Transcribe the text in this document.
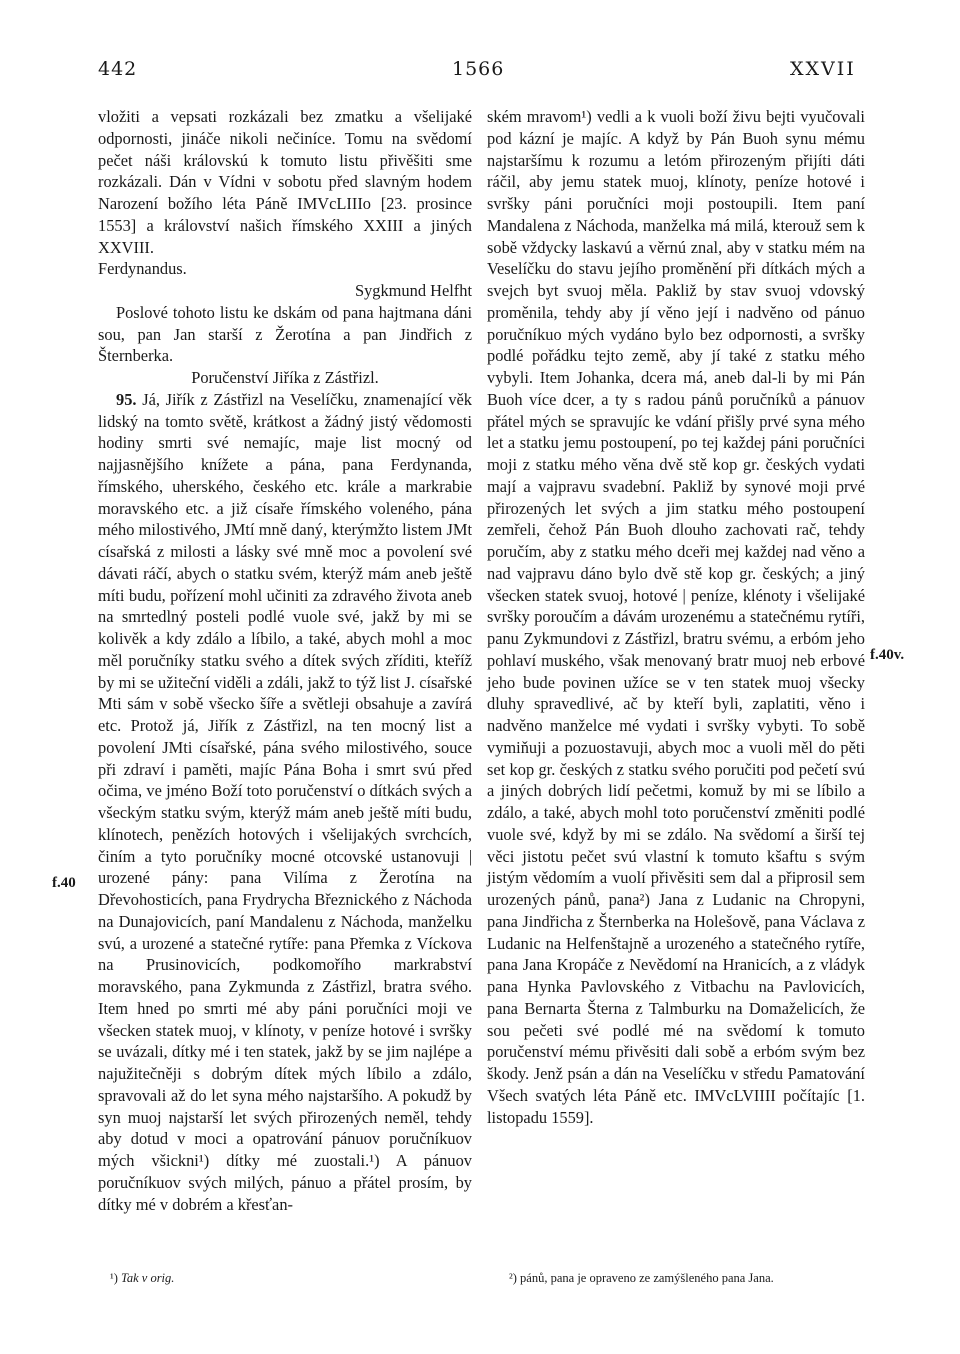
442	1566	XXVII

vložiti a vepsati rozkázali bez zmatku a všelijaké odpornosti, jináče nikoli nečiníce. Tomu na svědomí pečet náši královskú k tomuto listu přivěšiti sme rozkázali. Dán v Vídni v sobotu před slavným hodem Narození božího léta Páně IMVcLIIIo [23. prosince 1553] a království našich římského XXIII a jiných XXVIII.

Ferdynandus.

Sygkmund Helfht

Poslové tohoto listu ke dskám od pana hajtmana dáni sou, pan Jan starší z Žerotína a pan Jindřich z Šternberka.

Poručenství Jiříka z Zástřizl.

95. Já, Jiřík z Zástřizl na Veselíčku, znamenající věk lidský na tomto světě, krátkost a žádný jistý vědomosti hodiny smrti své nemajíc, maje list mocný od najjasnějšího knížete a pána, pana Ferdynanda, římského, uherského, českého etc. krále a markrabie moravského etc. a již císaře římského voleného, pána mého milostivého, JMtí mně daný, kterýmžto listem JMt císařská z milosti a lásky své mně moc a povolení své dávati ráčí, abych o statku svém, kterýž mám aneb ještě míti budu, pořízení mohl učiniti za zdravého života aneb na smrtedlný posteli podlé vuole své, jakž by mi se kolivěk a kdy zdálo a líbilo, a také, abych mohl a moc měl poručníky statku svého a dítek svých zříditi, kteříž by mi se užiteční viděli a zdáli, jakž to týž list J. císařské Mti sám v sobě všecko šíře a světleji obsahuje a zavírá etc. Protož já, Jiřík z Zástřizl, na ten mocný list a povolení JMti císařské, pána svého milostivého, souce při zdraví i paměti, majíc Pána Boha i smrt svú před očima, ve jméno Boží toto poručenství o dítkách svých a všeckým statku svým, kterýž mám aneb ještě míti budu, klínotech, penězích hotových i všelijakých svrchcích, činím a tyto poručníky mocné otcovské ustanovuji | urozené pány: pana Vilíma z Žerotína na Dřevohosticích, pana Frydrycha Březnického z Náchoda na Dunajovicích, paní Mandalenu z Náchoda, manželku svú, a urozené a statečné rytíře: pana Přemka z Víckova na Prusinovicích, podkomořího markrabství moravského, pana Zykmunda z Zástřizl, bratra svého. Item hned po smrti mé aby páni poručníci moji ve všecken statek muoj, v klínoty, v peníze hotové i svršky se uvázali, dítky mé i ten statek, jakž by se jim najlépe a najužitečněji s dobrým dítek mých líbilo a zdálo, spravovali až do let syna mého najstaršího. A pokudž by syn muoj najstarší let svých přirozených neměl, tehdy aby dotud v moci a opatrování pánuov poručníkuov mých všickni¹) dítky mé zuostali.¹) A pánuov poručníkuov svých milých, pánuo a přátel prosím, by dítky mé v dobrém a křesťan-

ském mravom¹) vedli a k vuoli boží živu bejti vyučovali pod kázní je majíc. A když by Pán Buoh synu mému najstaršímu k rozumu a letóm přirozeným přijíti dáti ráčil, aby jemu statek muoj, klínoty, peníze hotové i svršky páni poručníci moji postoupili. Item paní Mandalena z Náchoda, manželka má milá, kterouž sem k sobě vždycky laskavú a věrnú znal, aby v statku mém na Veselíčku do stavu jejího proměnění při dítkách mých a svejch byt svuoj měla. Pakliž by stav svuoj vdovský proměnila, tehdy aby jí věno její i nadvěno od pánuo poručníkuo mých vydáno bylo bez odpornosti, a svršky podlé pořádku tejto země, aby jí také z statku mého vybyli. Item Johanka, dcera má, aneb dal-li by mi Pán Buoh více dcer, a ty s radou pánů poručníků a pánuov přátel mých se spravujíc ke vdání přišly prvé syna mého let a statku jemu postoupení, po tej každej páni poručníci moji z statku mého věna dvě stě kop gr. českých vydati mají a vajpravu svadební. Pakliž by synové moji prvé přirozených let svých a jim statku mého postoupení zemřeli, čehož Pán Buoh dlouho zachovati rač, tehdy poručím, aby z statku mého dceři mej každej nad věno a nad vajpravu dáno bylo dvě stě kop gr. českých; a jiný všecken statek svuoj, hotové | peníze, klénoty i všelijaké svršky poroučím a dávám urozenému a statečnému rytíři, panu Zykmundovi z Zástřizl, bratru svému, a erbóm jeho pohlaví muského, však menovaný bratr muoj neb erbové jeho bude povinen užíce se v ten statek muoj všecky dluhy spravedlivé, ač by kteří byli, zaplatiti, věno i nadvěno manželce mé vydati i svršky vybyti. To sobě vymiňuji a pozuostavuji, abych moc a vuoli měl do pěti set kop gr. českých z statku svého poručiti pod pečetí svú a jiných dobrých lidí pečetmi, komuž by mi se líbilo a zdálo, a také, abych mohl toto poručenství změniti podlé vuole své, když by mi se zdálo. Na svědomí a širší tej věci jistotu pečet svú vlastní k tomuto kšaftu s svým jistým vědomím a vuolí přivěsiti sem dal a připrosil sem urozených pánů, pana²) Jana z Ludanic na Chropyni, pana Jindřicha z Šternberka na Holešově, pana Václava z Ludanic na Helfenštajně a urozeného a statečného rytíře, pana Jana Kropáče z Nevědomí na Hranicích, a z vládyk pana Hynka Pavlovského z Vitbachu na Pavlovicích, pana Bernarta Šterna z Talmburku na Domaželicích, že sou pečeti své podlé mé na svědomí k tomuto poručenství mému přivěsiti dali sobě a erbóm svým bez škody. Jenž psán a dán na Veselíčku v středu Pamatování Všech svatých léta Páně etc. IMVcLVIIII počítajíc [1. listopadu 1559].

f.40
f.40v.
¹) Tak v orig.	²) pánů, pana je opraveno ze zamýšleného pana Jana.
